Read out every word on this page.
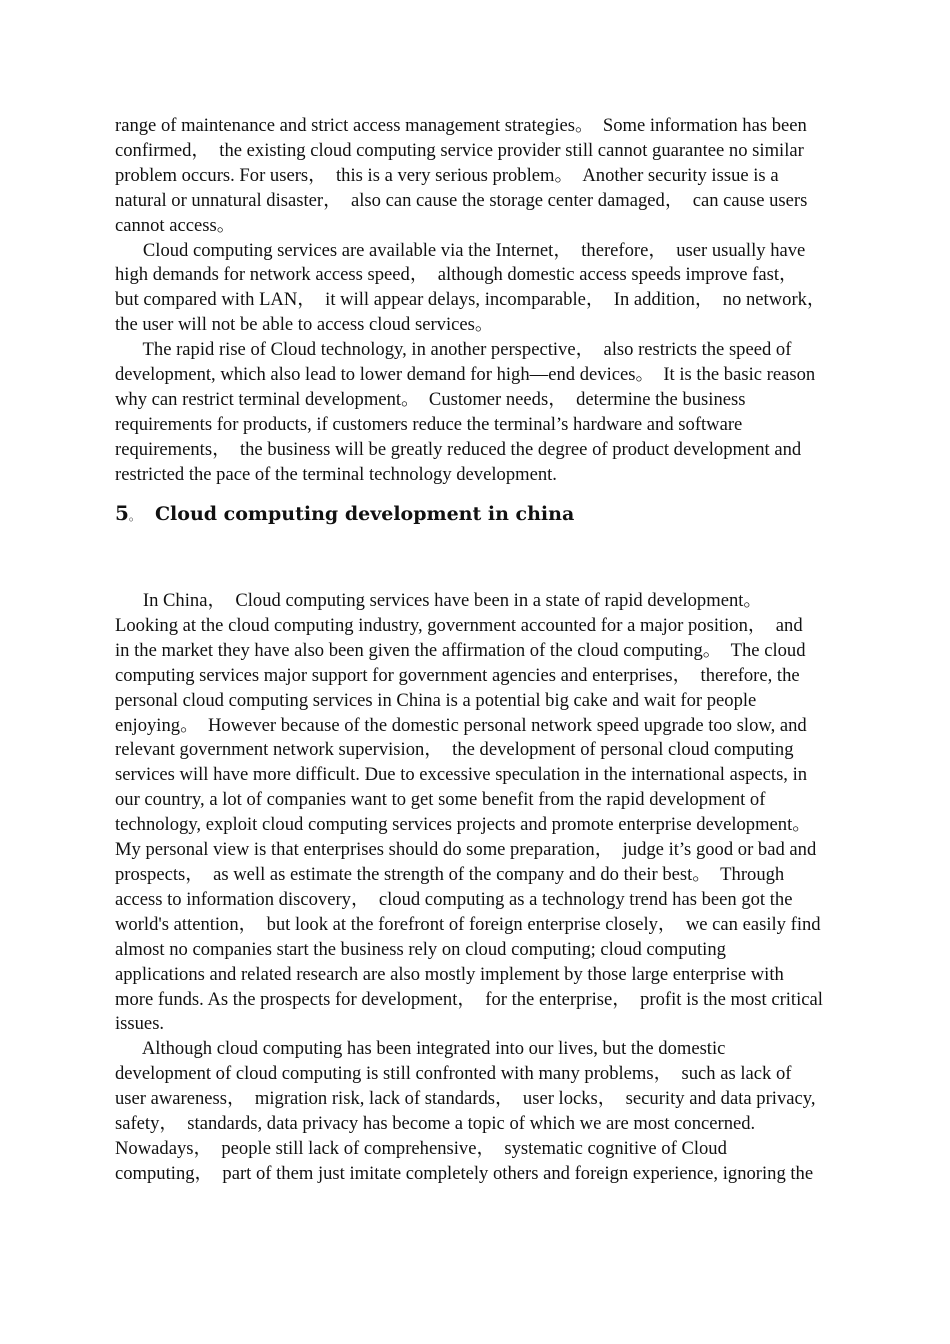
range of maintenance and strict access management strategies。  Some information has been
confirmed，  the existing cloud computing service provider still cannot guarantee no similar
problem occurs. For users，  this is a very serious problem。  Another security issue is a
natural or unnatural disaster，  also can cause the storage center damaged，  can cause users
cannot access。
Cloud computing services are available via the Internet，  therefore，  user usually have
high demands for network access speed，  although domestic access speeds improve fast，
but compared with LAN，  it will appear delays, incomparable，  In addition，  no network，
the user will not be able to access cloud services。
The rapid rise of Cloud technology, in another perspective，  also restricts the speed of
development, which also lead to lower demand for high—end devices。  It is the basic reason
why can restrict terminal development。  Customer needs，  determine the business
requirements for products, if customers reduce the terminal’s hardware and software
requirements，  the business will be greatly reduced the degree of product development and
restricted the pace of the terminal technology development.
5。 Cloud computing development in china
In China，  Cloud computing services have been in a state of rapid development。
Looking at the cloud computing industry, government accounted for a major position，  and
in the market they have also been given the affirmation of the cloud computing。  The cloud
computing services major support for government agencies and enterprises，  therefore, the
personal cloud computing services in China is a potential big cake and wait for people
enjoying。  However because of the domestic personal network speed upgrade too slow, and
relevant government network supervision，  the development of personal cloud computing
services will have more difficult. Due to excessive speculation in the international aspects, in
our country, a lot of companies want to get some benefit from the rapid development of
technology, exploit cloud computing services projects and promote enterprise development。
My personal view is that enterprises should do some preparation，  judge it’s good or bad and
prospects，  as well as estimate the strength of the company and do their best。  Through
access to information discovery，  cloud computing as a technology trend has been got the
world's attention，  but look at the forefront of foreign enterprise closely，  we can easily find
almost no companies start the business rely on cloud computing; cloud computing
applications and related research are also mostly implement by those large enterprise with
more funds. As the prospects for development，  for the enterprise，  profit is the most critical
issues.
Although cloud computing has been integrated into our lives, but the domestic
development of cloud computing is still confronted with many problems，  such as lack of
user awareness，  migration risk, lack of standards，  user locks，  security and data privacy,
safety，  standards, data privacy has become a topic of which we are most concerned.
Nowadays，  people still lack of comprehensive，  systematic cognitive of Cloud
computing，  part of them just imitate completely others and foreign experience, ignoring the
